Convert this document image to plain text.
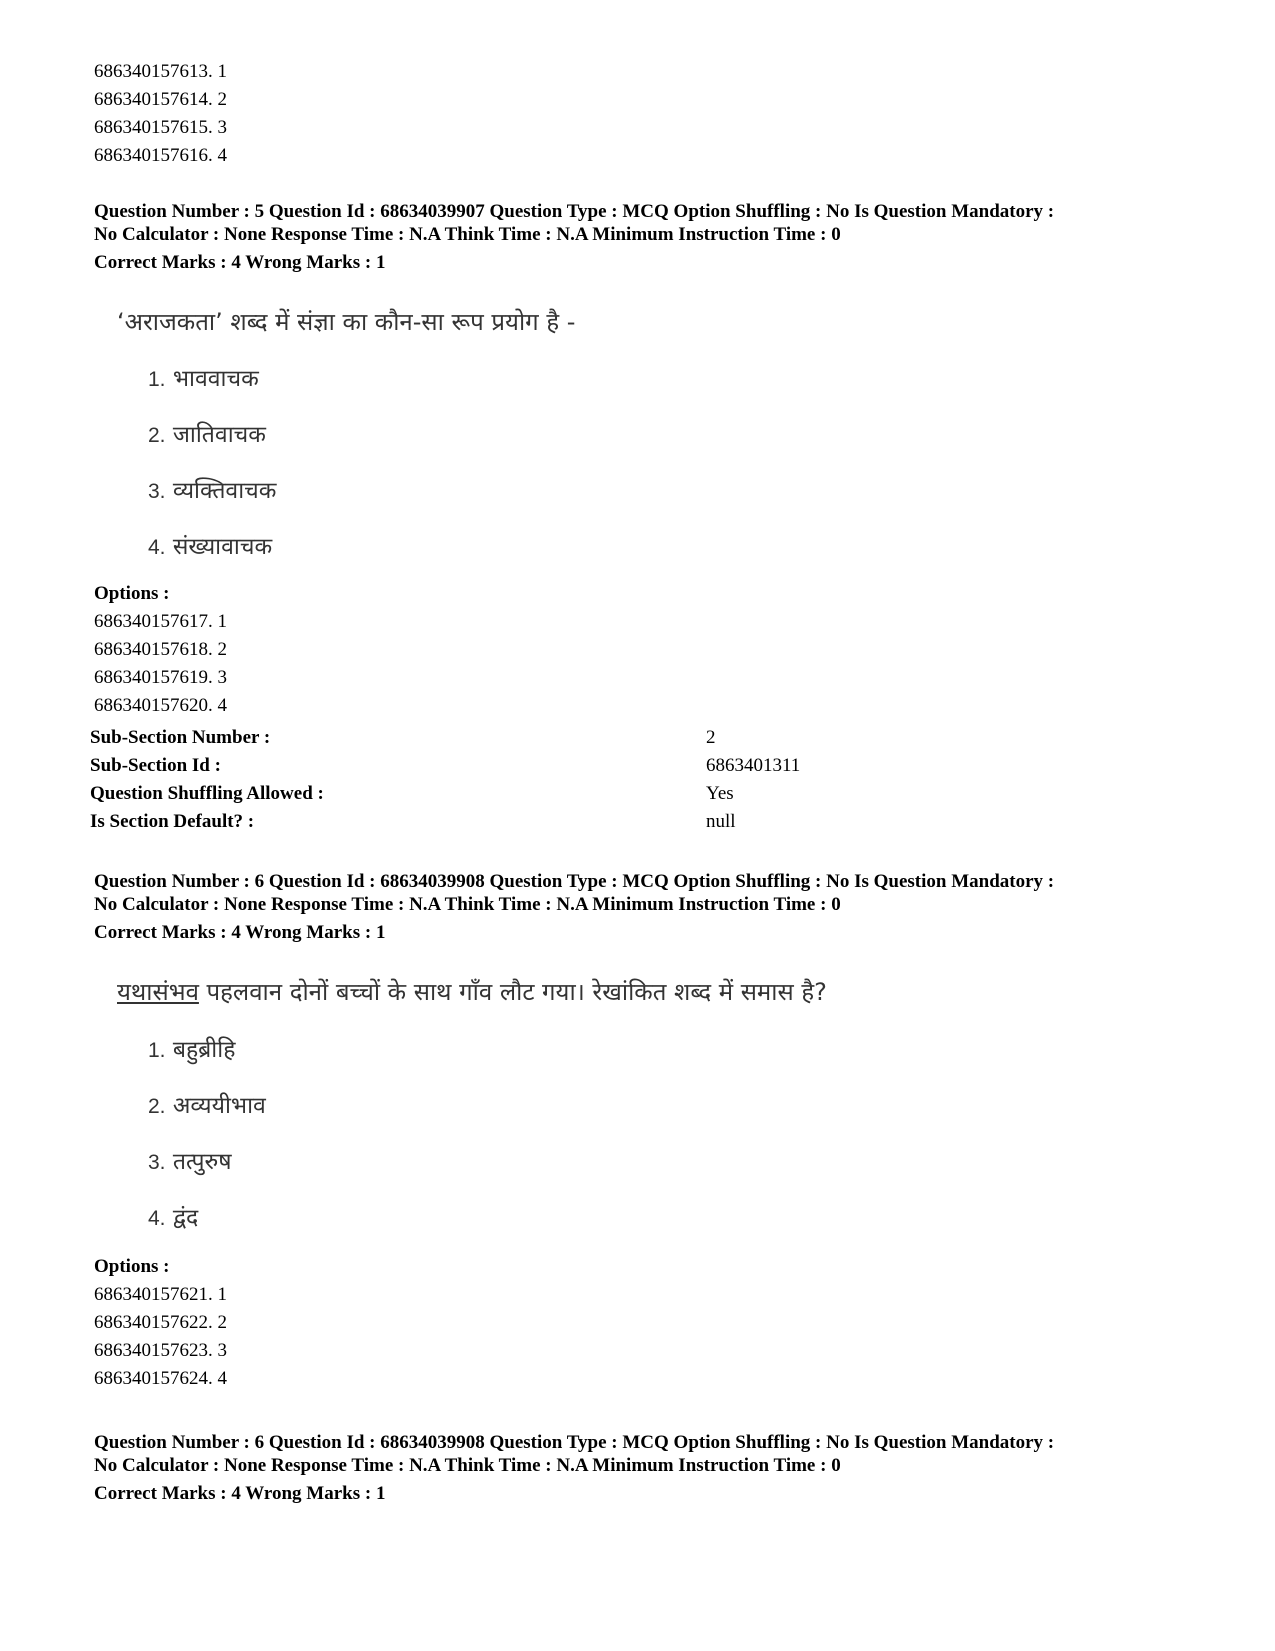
686340157613. 1
686340157614. 2
686340157615. 3
686340157616. 4
Question Number : 5 Question Id : 68634039907 Question Type : MCQ Option Shuffling : No Is Question Mandatory :
No Calculator : None Response Time : N.A Think Time : N.A Minimum Instruction Time : 0
Correct Marks : 4 Wrong Marks : 1
‘अराजकता’ शब्द में संज्ञा का कौन-सा रूप प्रयोग है -
1. भाववाचक
2. जातिवाचक
3. व्यक्तिवाचक
4. संख्यावाचक
Options :
686340157617. 1
686340157618. 2
686340157619. 3
686340157620. 4
Sub-Section Number :	2
Sub-Section Id :	6863401311
Question Shuffling Allowed :	Yes
Is Section Default? :	null
Question Number : 6 Question Id : 68634039908 Question Type : MCQ Option Shuffling : No Is Question Mandatory :
No Calculator : None Response Time : N.A Think Time : N.A Minimum Instruction Time : 0
Correct Marks : 4 Wrong Marks : 1
यथासंभव पहलवान दोनों बच्चों के साथ गाँव लौट गया। रेखांकित शब्द में समास है?
1. बहुब्रीहि
2. अव्ययीभाव
3. तत्पुरुष
4. द्वंद
Options :
686340157621. 1
686340157622. 2
686340157623. 3
686340157624. 4
Question Number : 6 Question Id : 68634039908 Question Type : MCQ Option Shuffling : No Is Question Mandatory :
No Calculator : None Response Time : N.A Think Time : N.A Minimum Instruction Time : 0
Correct Marks : 4 Wrong Marks : 1
